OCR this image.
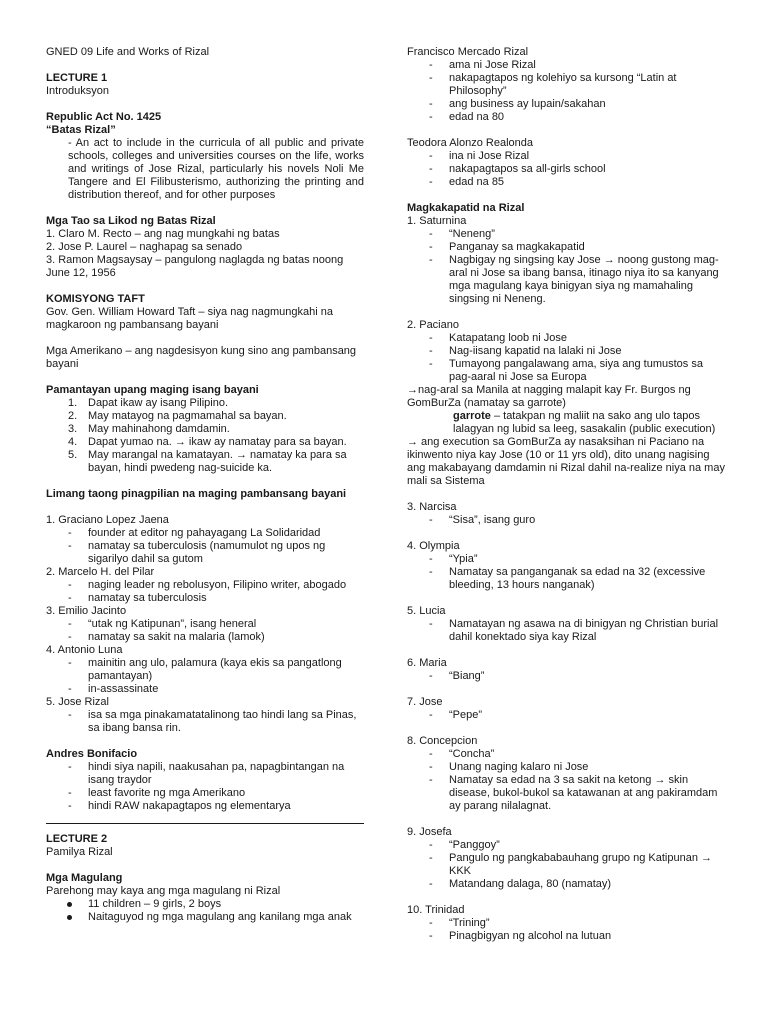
GNED 09 Life and Works of Rizal

LECTURE 1

Introduksyon

Republic Act No. 1425

“Batas Rizal”

- An act to include in the curricula of all public and private schools, colleges and universities courses on the life, works and writings of Jose Rizal, particularly his novels Noli Me Tangere and El Filibusterismo, authorizing the printing and distribution thereof, and for other purposes

Mga Tao sa Likod ng Batas Rizal

1. Claro M. Recto – ang nag mungkahi ng batas

2. Jose P. Laurel – naghapag sa senado

3. Ramon Magsaysay – pangulong naglagda ng batas noong June 12, 1956

KOMISYONG TAFT

Gov. Gen. William Howard Taft – siya nag nagmungkahi na magkaroon ng pambansang bayani

Mga Amerikano – ang nagdesisyon kung sino ang pambansang bayani

Pamantayan upang maging isang bayani

1. Dapat ikaw ay isang Pilipino.
2. May matayog na pagmamahal sa bayan.
3. May mahinahong damdamin.
4. Dapat yumao na. → ikaw ay namatay para sa bayan.
5. May marangal na kamatayan. → namatay ka para sa bayan, hindi pwedeng nag-suicide ka.

Limang taong pinagpilian na maging pambansang bayani

1. Graciano Lopez Jaena

- founder at editor ng pahayagang La Solidaridad
- namatay sa tuberculosis (namumulot ng upos ng sigarilyo dahil sa gutom

2. Marcelo H. del Pilar

- naging leader ng rebolusyon, Filipino writer, abogado
- namatay sa tuberculosis

3. Emilio Jacinto

- “utak ng Katipunan”, isang heneral
- namatay sa sakit na malaria (lamok)

4. Antonio Luna

- mainitin ang ulo, palamura (kaya ekis sa pangatlong pamantayan)
- in-assassinate

5. Jose Rizal

- isa sa mga pinakamatatalinong tao hindi lang sa Pinas, sa ibang bansa rin.

Andres Bonifacio

- hindi siya napili, naakusahan pa, napagbintangan na isang traydor
- least favorite ng mga Amerikano
- hindi RAW nakapagtapos ng elementarya

LECTURE 2

Pamilya Rizal

Mga Magulang

Parehong may kaya ang mga magulang ni Rizal

11 children – 9 girls, 2 boys
Naitaguyod ng mga magulang ang kanilang mga anak

Francisco Mercado Rizal

- ama ni Jose Rizal
- nakapagtapos ng kolehiyo sa kursong “Latin at Philosophy”
- ang business ay lupain/sakahan
- edad na 80

Teodora Alonzo Realonda

- ina ni Jose Rizal
- nakapagtapos sa all-girls school
- edad na 85

Magkakapatid na Rizal

1. Saturnina

- “Neneng”
- Panganay sa magkakapatid
- Nagbigay ng singsing kay Jose → noong gustong mag-aral ni Jose sa ibang bansa, itinago niya ito sa kanyang mga magulang kaya binigyan siya ng mamahaling singsing ni Neneng.

2. Paciano

- Katapatang loob ni Jose
- Nag-iisang kapatid na lalaki ni Jose
- Tumayong pangalawang ama, siya ang tumustos sa pag-aaral ni Jose sa Europa

→nag-aral sa Manila at nagging malapit kay Fr. Burgos ng GomBurZa (namatay sa garrote)

garrote – tatakpan ng maliit na sako ang ulo tapos lalagyan ng lubid sa leeg, sasakalin (public execution)

→ ang execution sa GomBurZa ay nasaksihan ni Paciano na ikinwento niya kay Jose (10 or 11 yrs old), dito unang nagising ang makabayang damdamin ni Rizal dahil na-realize niya na may mali sa Sistema

3. Narcisa

- “Sisa”, isang guro

4. Olympia

- “Ypia”
- Namatay sa panganganak sa edad na 32 (excessive bleeding, 13 hours nanganak)

5. Lucia

- Namatayan ng asawa na di binigyan ng Christian burial dahil konektado siya kay Rizal

6. Maria

- “Biang”

7. Jose

- “Pepe”

8. Concepcion

- “Concha”
- Unang naging kalaro ni Jose
- Namatay sa edad na 3 sa sakit na ketong → skin disease, bukol-bukol sa katawanan at ang pakiramdam ay parang nilalagnat.

9. Josefa

- “Panggoy”
- Pangulo ng pangkababauhang grupo ng Katipunan → KKK
- Matandang dalaga, 80 (namatay)

10. Trinidad

- “Trining”
- Pinagbigyan ng alcohol na lutuan
